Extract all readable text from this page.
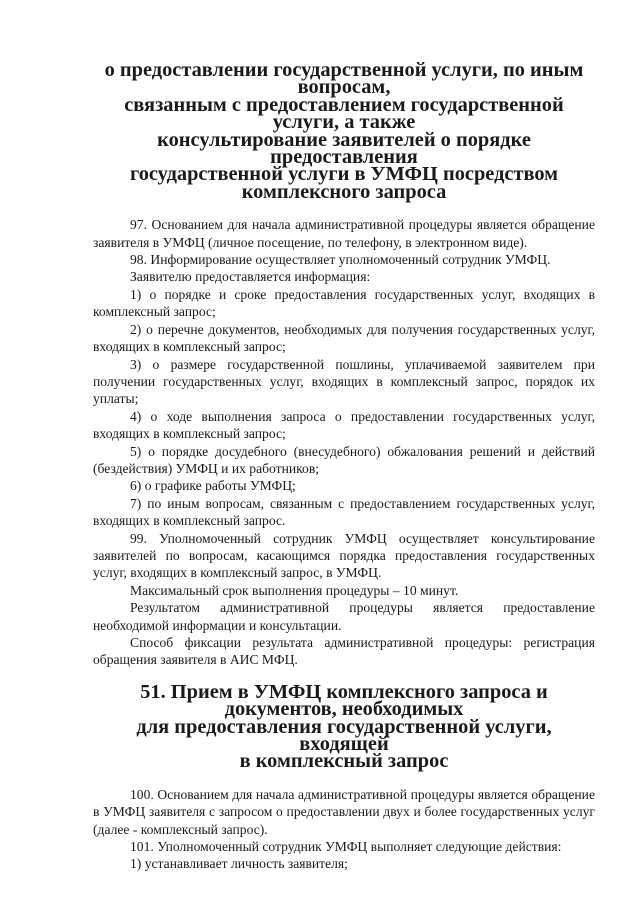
о предоставлении государственной услуги, по иным вопросам,
связанным с предоставлением государственной услуги, а также
консультирование заявителей о порядке предоставления
государственной услуги в УМФЦ посредством комплексного запроса

97. Основанием для начала административной процедуры является обращение заявителя в УМФЦ (личное посещение, по телефону, в электронном виде).

98. Информирование осуществляет уполномоченный сотрудник УМФЦ.

Заявителю предоставляется информация:

1) о порядке и сроке предоставления государственных услуг, входящих в комплексный запрос;

2) о перечне документов, необходимых для получения государственных услуг, входящих в комплексный запрос;

3) о размере государственной пошлины, уплачиваемой заявителем при получении государственных услуг, входящих в комплексный запрос, порядок их уплаты;

4) о ходе выполнения запроса о предоставлении государственных услуг, входящих в комплексный запрос;

5) о порядке досудебного (внесудебного) обжалования решений и действий (бездействия) УМФЦ и их работников;

6) о графике работы УМФЦ;

7) по иным вопросам, связанным с предоставлением государственных услуг, входящих в комплексный запрос.

99. Уполномоченный сотрудник УМФЦ осуществляет консультирование заявителей по вопросам, касающимся порядка предоставления государственных услуг, входящих в комплексный запрос, в УМФЦ.

Максимальный срок выполнения процедуры – 10 минут.

Результатом административной процедуры является предоставление необходимой информации и консультации.

Способ фиксации результата административной процедуры: регистрация обращения заявителя в АИС МФЦ.

51. Прием в УМФЦ комплексного запроса и документов, необходимых
для предоставления государственной услуги, входящей
в комплексный запрос

100. Основанием для начала административной процедуры является обращение в УМФЦ заявителя с запросом о предоставлении двух и более государственных услуг (далее - комплексный запрос).

101. Уполномоченный сотрудник УМФЦ выполняет следующие действия:

1) устанавливает личность заявителя;
